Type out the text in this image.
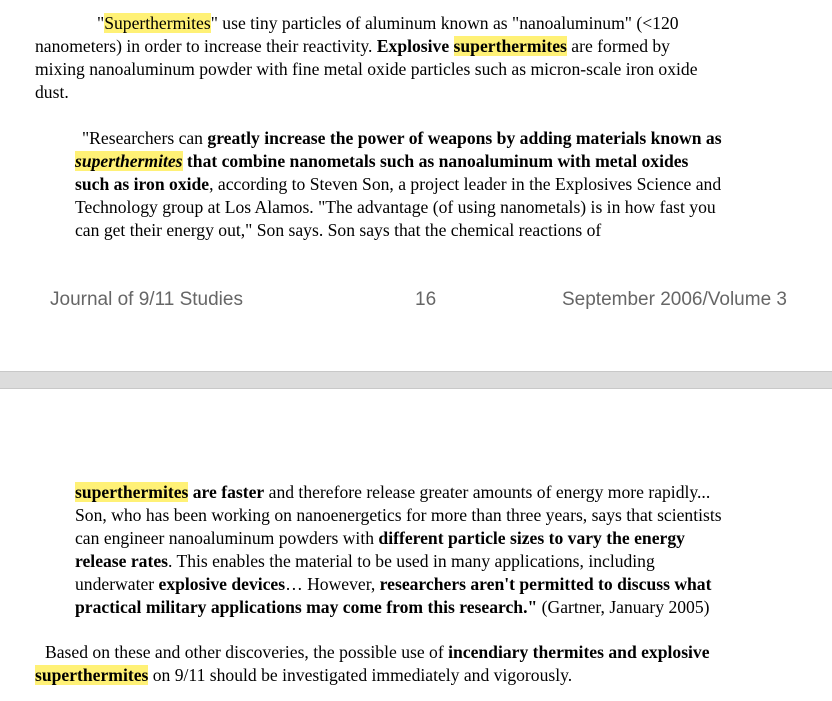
"Superthermites" use tiny particles of aluminum known as "nanoaluminum" (<120
nanometers) in order to increase their reactivity. Explosive superthermites are formed by
mixing nanoaluminum powder with fine metal oxide particles such as micron-scale iron oxide
dust.
"Researchers can greatly increase the power of weapons by adding materials known as
superthermites that combine nanometals such as nanoaluminum with metal oxides
such as iron oxide, according to Steven Son, a project leader in the Explosives Science and
Technology group at Los Alamos. "The advantage (of using nanometals) is in how fast you
can get their energy out," Son says. Son says that the chemical reactions of
Journal of 9/11 Studies	16	September 2006/Volume 3
superthermites are faster and therefore release greater amounts of energy more rapidly...
Son, who has been working on nanoenergetics for more than three years, says that scientists
can engineer nanoaluminum powders with different particle sizes to vary the energy
release rates. This enables the material to be used in many applications, including
underwater explosive devices… However, researchers aren't permitted to discuss what
practical military applications may come from this research." (Gartner, January 2005)
Based on these and other discoveries, the possible use of incendiary thermites and explosive
superthermites on 9/11 should be investigated immediately and vigorously.
